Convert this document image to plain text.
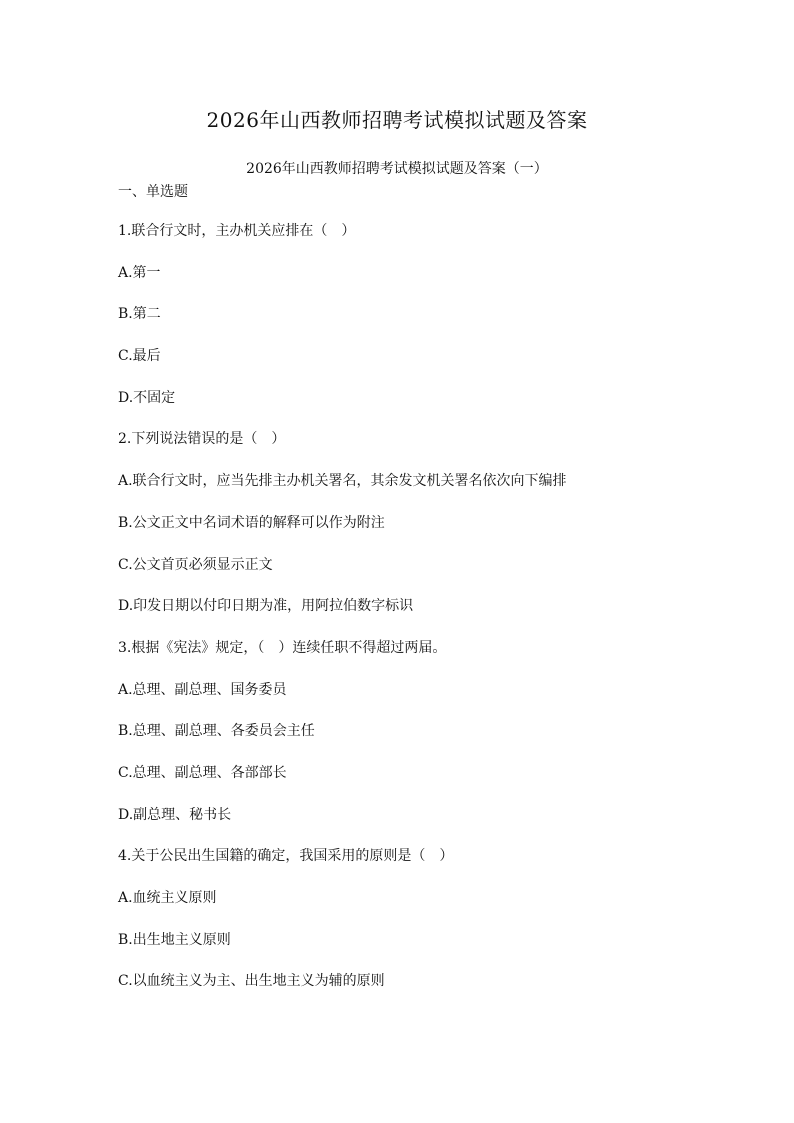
2026年山西教师招聘考试模拟试题及答案
2026年山西教师招聘考试模拟试题及答案（一）
一、单选题
1.联合行文时，主办机关应排在（　）
A.第一
B.第二
C.最后
D.不固定
2.下列说法错误的是（　）
A.联合行文时，应当先排主办机关署名，其余发文机关署名依次向下编排
B.公文正文中名词术语的解释可以作为附注
C.公文首页必须显示正文
D.印发日期以付印日期为准，用阿拉伯数字标识
3.根据《宪法》规定，（　）连续任职不得超过两届。
A.总理、副总理、国务委员
B.总理、副总理、各委员会主任
C.总理、副总理、各部部长
D.副总理、秘书长
4.关于公民出生国籍的确定，我国采用的原则是（　）
A.血统主义原则
B.出生地主义原则
C.以血统主义为主、出生地主义为辅的原则
